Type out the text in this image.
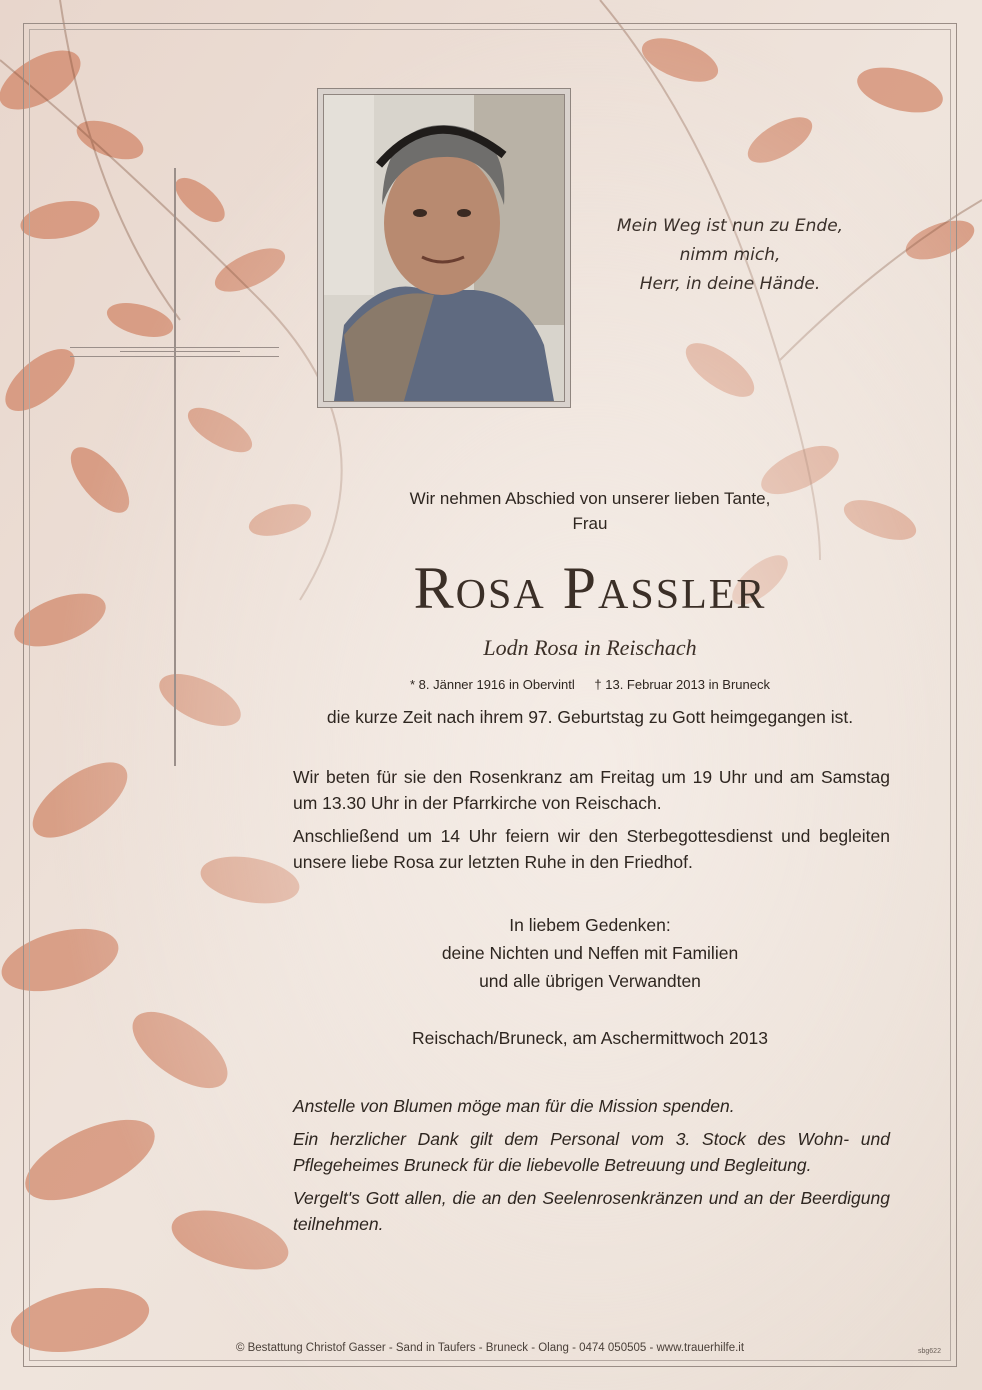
Mein Weg ist nun zu Ende,
nimm mich,
Herr, in deine Hände.
Wir nehmen Abschied von unserer lieben Tante,
Frau
Rosa Passler
Lodn Rosa in Reischach
* 8. Jänner 1916 in Obervintl † 13. Februar 2013 in Bruneck
die kurze Zeit nach ihrem 97. Geburtstag zu Gott heimgegangen ist.

Wir beten für sie den Rosenkranz am Freitag um 19 Uhr und am Samstag um 13.30 Uhr in der Pfarrkirche von Reischach.

Anschließend um 14 Uhr feiern wir den Sterbegottesdienst und begleiten unsere liebe Rosa zur letzten Ruhe in den Friedhof.

In liebem Gedenken:
deine Nichten und Neffen mit Familien
und alle übrigen Verwandten
Reischach/Bruneck, am Aschermittwoch 2013

Anstelle von Blumen möge man für die Mission spenden.

Ein herzlicher Dank gilt dem Personal vom 3. Stock des Wohn- und Pflegeheimes Bruneck für die liebevolle Betreuung und Begleitung.

Vergelt's Gott allen, die an den Seelenrosenkränzen und an der Beerdigung teilnehmen.

© Bestattung Christof Gasser - Sand in Taufers - Bruneck - Olang - 0474 050505 - www.trauerhilfe.it	sbg622
